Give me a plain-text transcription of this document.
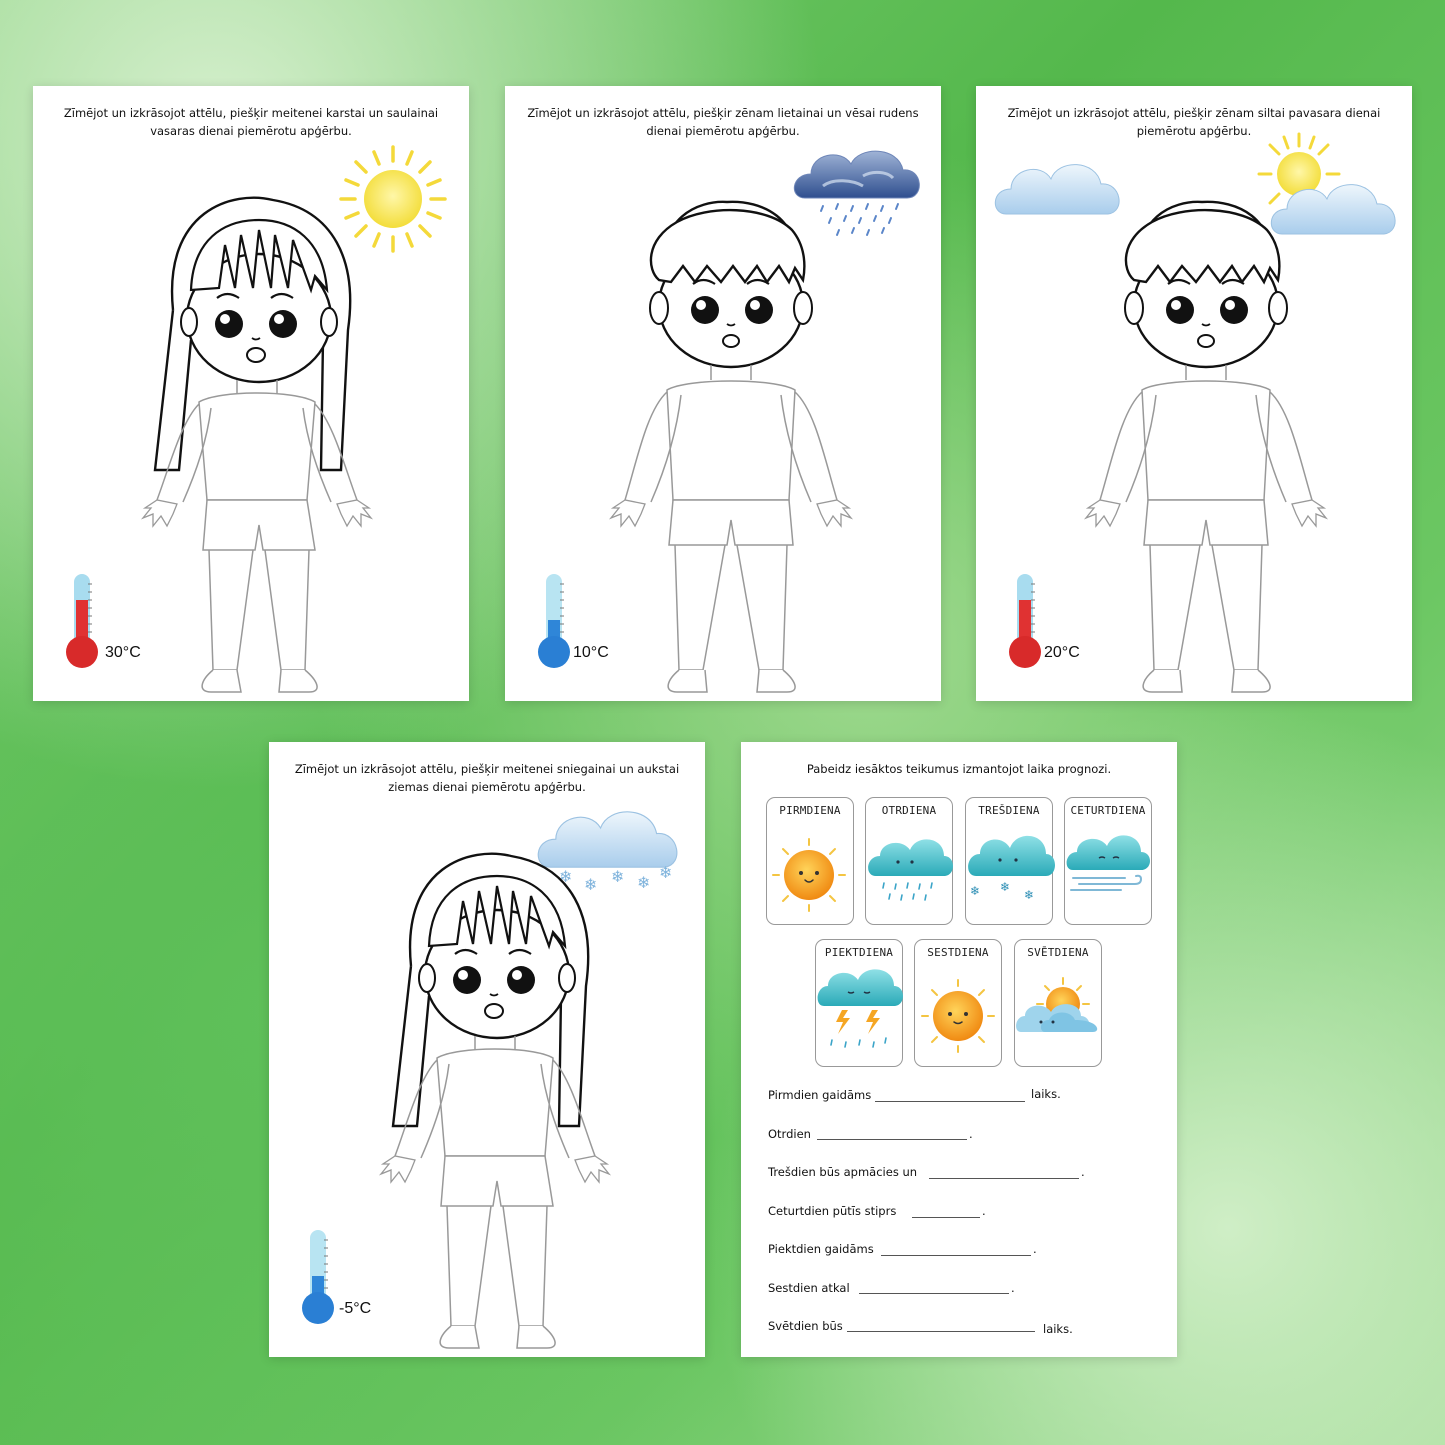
Zīmējot un izkrāsojot attēlu, piešķir meitenei karstai un saulainai vasaras dienai piemērotu apģērbu.
30°C
Zīmējot un izkrāsojot attēlu, piešķir zēnam lietainai un vēsai rudens dienai piemērotu apģērbu.
10°C
Zīmējot un izkrāsojot attēlu, piešķir zēnam siltai pavasara dienai piemērotu apģērbu.
20°C
Zīmējot un izkrāsojot attēlu, piešķir meitenei sniegainai un aukstai ziemas dienai piemērotu apģērbu.
❄ ❄ ❄ ❄
❄
-5°C
Pabeidz iesāktos teikumus izmantojot laika prognozi.
PIRMDIENA	OTRDIENA	TREŠDIENA
❄ ❄
❄
CETURTDIENA
PIEKTDIENA	SESTDIENA	SVĒTDIENA
Pirmdien gaidāms	laiks.
Otrdien	.
Trešdien būs apmācies un	.
Ceturtdien pūtīs stiprs	.
Piektdien gaidāms	.
Sestdien atkal	.
Svētdien būs	laiks.
